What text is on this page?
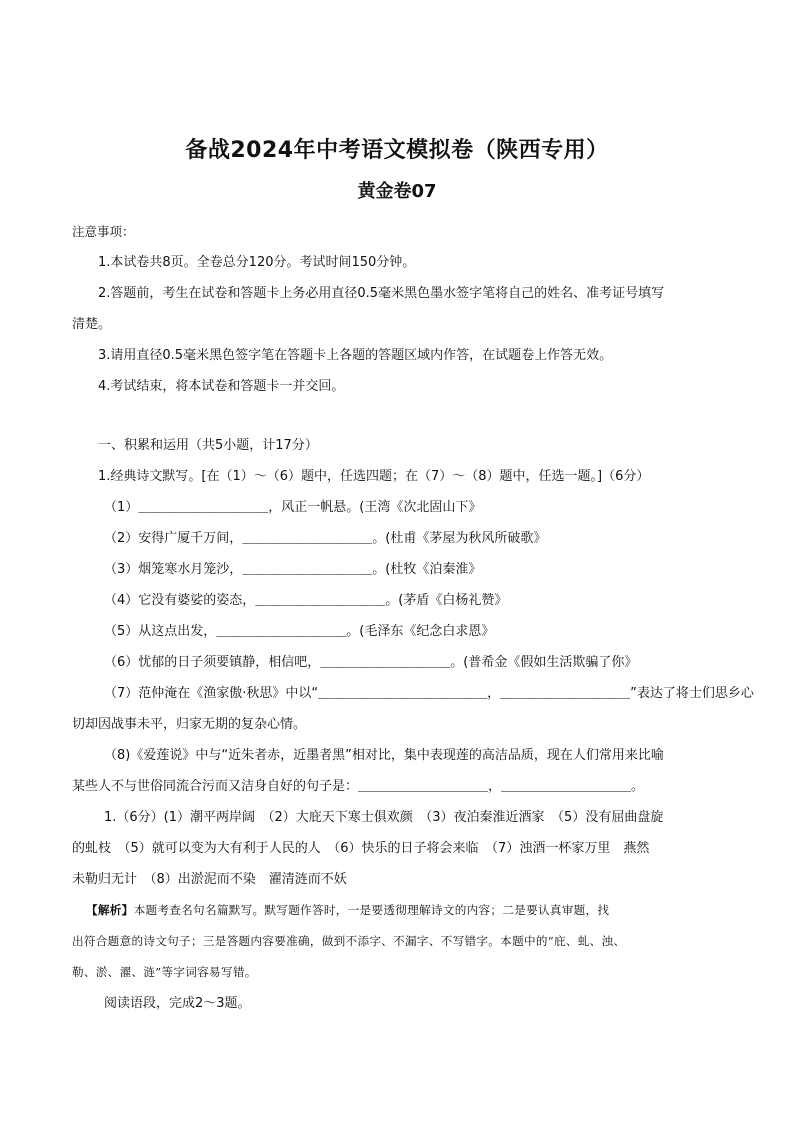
备战2024年中考语文模拟卷（陕西专用）
黄金卷07
注意事项：
1.本试卷共8页。全卷总分120分。考试时间150分钟。
2.答题前，考生在试卷和答题卡上务必用直径0.5毫米黑色墨水签字笔将自己的姓名、准考证号填写
清楚。
3.请用直径0.5毫米黑色签字笔在答题卡上各题的答题区域内作答，在试题卷上作答无效。
4.考试结束，将本试卷和答题卡一并交回。
一、积累和运用（共5小题，计17分）
1.经典诗文默写。[在（1）～（6）题中，任选四题；在（7）～（8）题中，任选一题。]（6分）
（1）＿＿＿＿＿＿＿＿＿＿，风正一帆悬。(王湾《次北固山下》
（2）安得广厦千万间，＿＿＿＿＿＿＿＿＿＿。(杜甫《茅屋为秋风所破歌》
（3）烟笼寒水月笼沙，＿＿＿＿＿＿＿＿＿＿。(杜牧《泊秦淮》
（4）它没有婆娑的姿态，＿＿＿＿＿＿＿＿＿＿。(茅盾《白杨礼赞》
（5）从这点出发，＿＿＿＿＿＿＿＿＿＿。(毛泽东《纪念白求恩》
（6）忧郁的日子须要镇静，相信吧，＿＿＿＿＿＿＿＿＿＿。(普希金《假如生活欺骗了你》
（7）范仲淹在《渔家傲·秋思》中以“＿＿＿＿＿＿＿＿＿＿＿＿＿，＿＿＿＿＿＿＿＿＿＿”表达了将士们思乡心
切却因战事未平，归家无期的复杂心情。
（8)《爱莲说》中与“近朱者赤，近墨者黑”相对比，集中表现莲的高洁品质，现在人们常用来比喻
某些人不与世俗同流合污而又洁身自好的句子是：＿＿＿＿＿＿＿＿＿＿，＿＿＿＿＿＿＿＿＿＿。
1.（6分）(1）潮平两岸阔　（2）大庇天下寒士俱欢颜　（3）夜泊秦淮近酒家　（5）没有屈曲盘旋
的虬枝　（5）就可以变为大有利于人民的人　（6）快乐的日子将会来临　（7）浊酒一杯家万里　燕然
未勒归无计　（8）出淤泥而不染　濯清涟而不妖
【解析】本题考查名句名篇默写。默写题作答时，一是要透彻理解诗文的内容；二是要认真审题，找
出符合题意的诗文句子；三是答题内容要准确，做到不添字、不漏字、不写错字。本题中的“庇、虬、浊、
勒、淤、濯、涟”等字词容易写错。
阅读语段，完成2～3题。
